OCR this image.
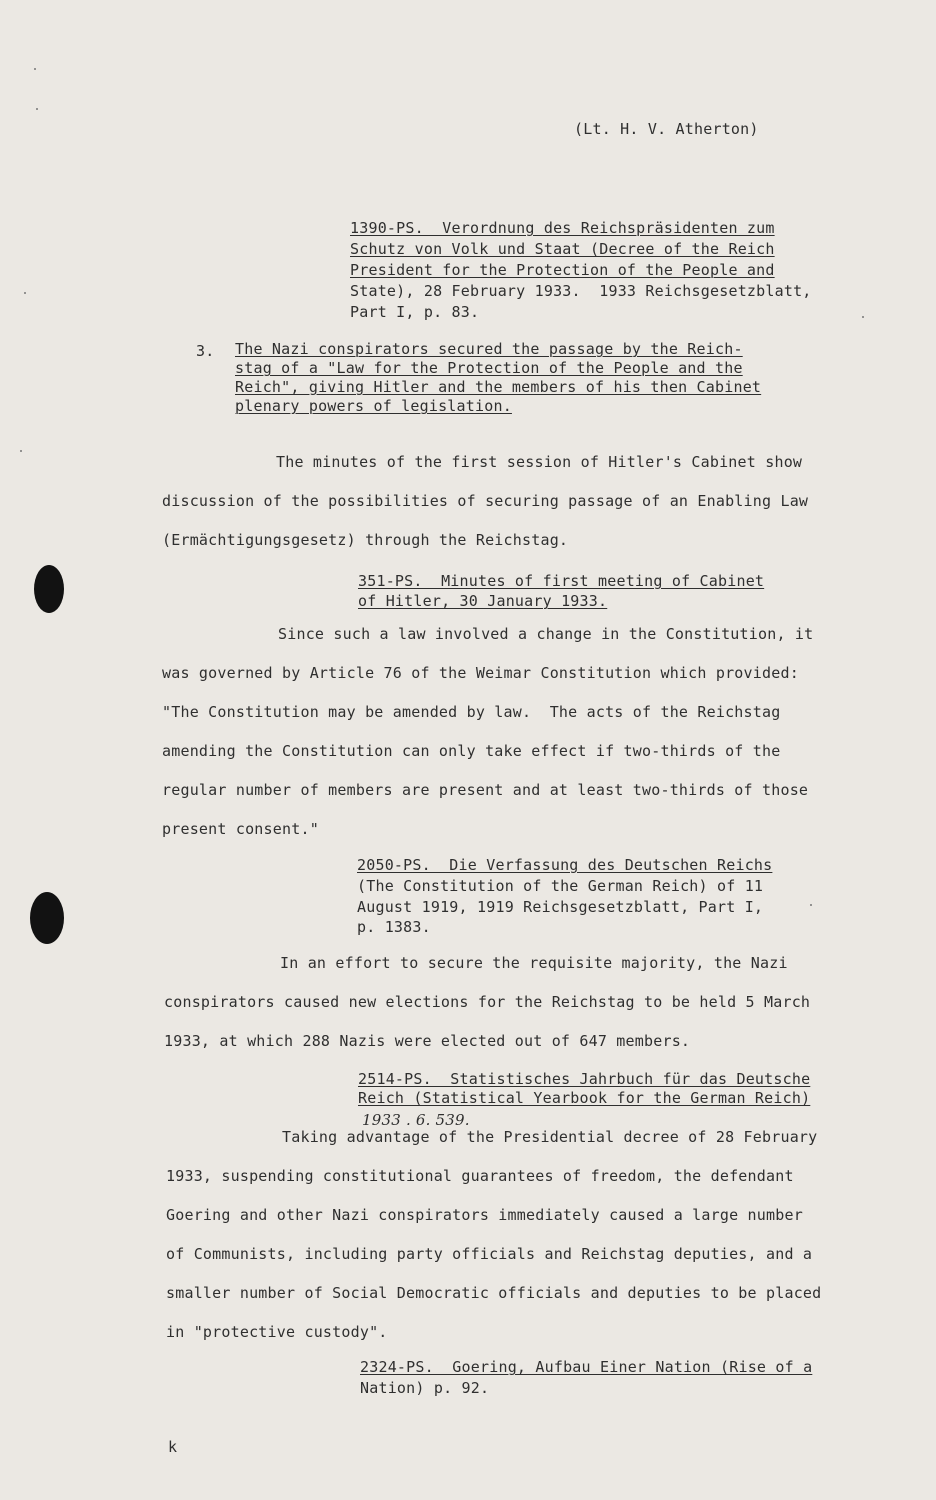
(Lt. H. V. Atherton)
1390-PS.  Verordnung des Reichspräsidenten zum
Schutz von Volk und Staat (Decree of the Reich
President for the Protection of the People and
State), 28 February 1933.  1933 Reichsgesetzblatt,
Part I, p. 83.
3. The Nazi conspirators secured the passage by the Reich-
stag of a "Law for the Protection of the People and the
Reich", giving Hitler and the members of his then Cabinet
plenary powers of legislation.
The minutes of the first session of Hitler's Cabinet show
discussion of the possibilities of securing passage of an Enabling Law
(Ermächtigungsgesetz) through the Reichstag.
351-PS.  Minutes of first meeting of Cabinet
of Hitler, 30 January 1933.
Since such a law involved a change in the Constitution, it
was governed by Article 76 of the Weimar Constitution which provided:
"The Constitution may be amended by law.  The acts of the Reichstag
amending the Constitution can only take effect if two-thirds of the
regular number of members are present and at least two-thirds of those
present consent."
2050-PS.  Die Verfassung des Deutschen Reichs
(The Constitution of the German Reich) of 11
August 1919, 1919 Reichsgesetzblatt, Part I,
p. 1383.
In an effort to secure the requisite majority, the Nazi
conspirators caused new elections for the Reichstag to be held 5 March
1933, at which 288 Nazis were elected out of 647 members.
2514-PS.  Statistisches Jahrbuch für das Deutsche
Reich (Statistical Yearbook for the German Reich)
1933 . 6. 539.
Taking advantage of the Presidential decree of 28 February
1933, suspending constitutional guarantees of freedom, the defendant
Goering and other Nazi conspirators immediately caused a large number
of Communists, including party officials and Reichstag deputies, and a
smaller number of Social Democratic officials and deputies to be placed
in "protective custody".
2324-PS.  Goering, Aufbau Einer Nation (Rise of a
Nation) p. 92.
k
